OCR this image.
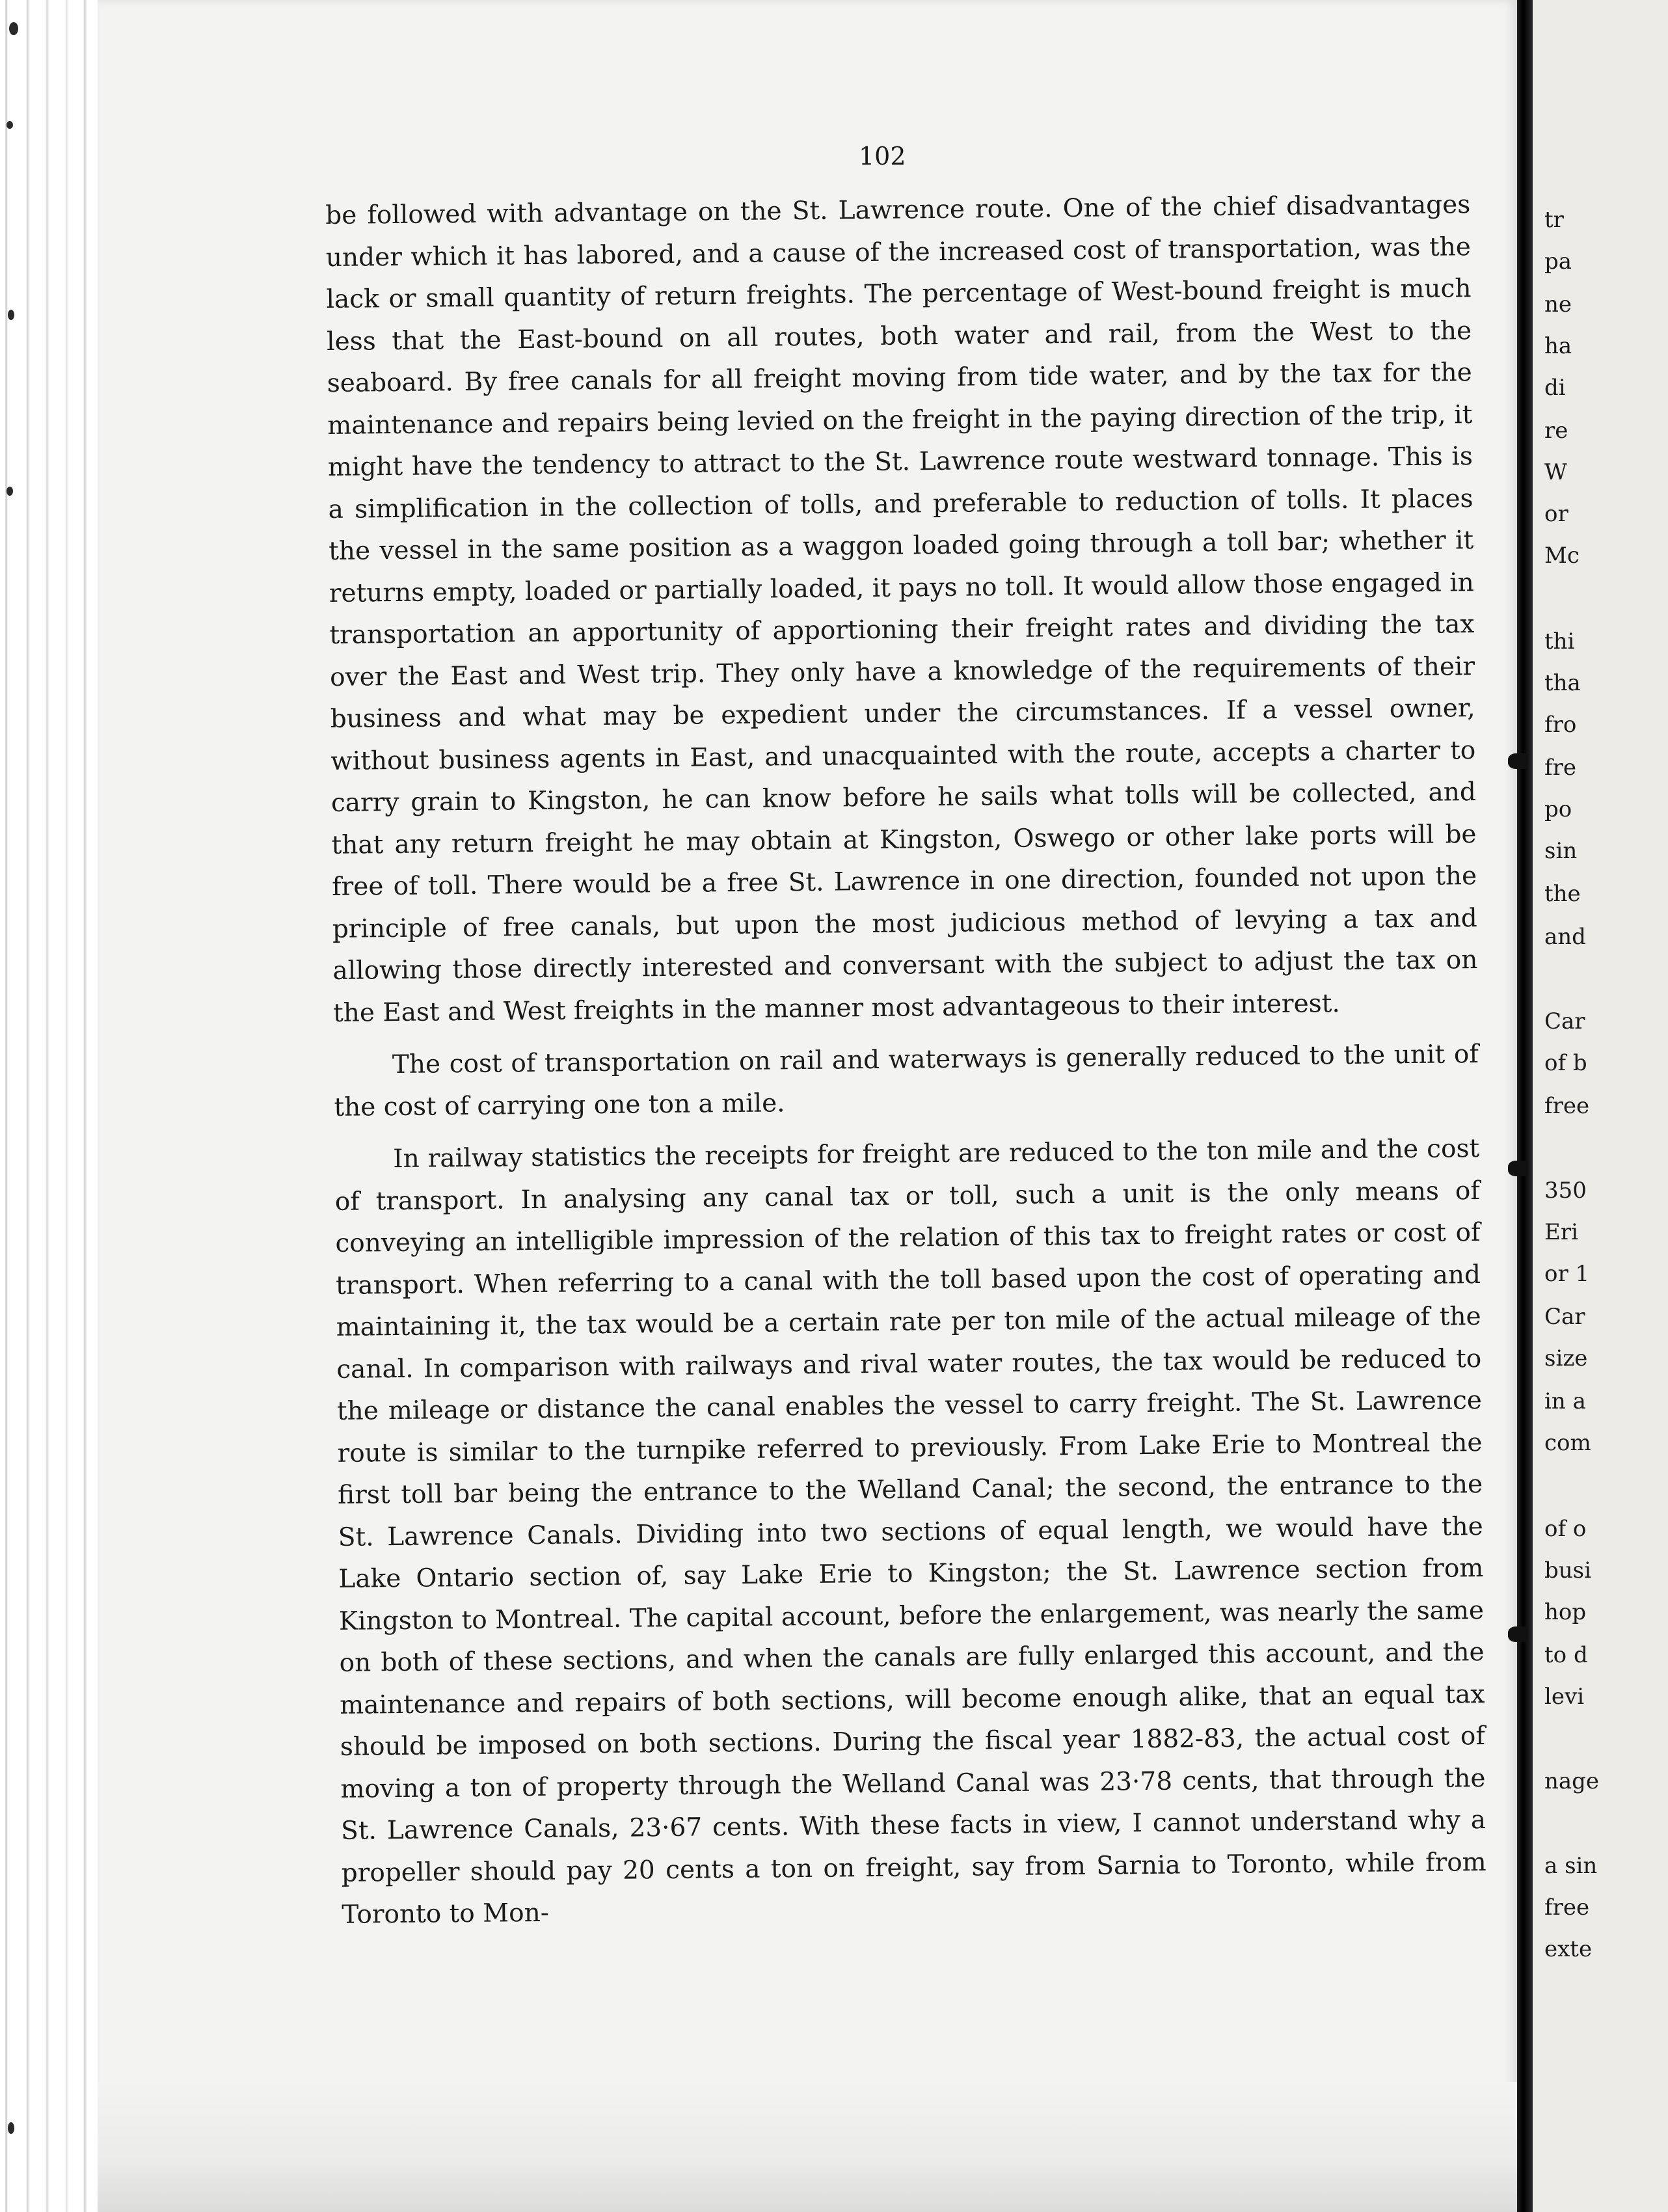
102

be followed with advantage on the St. Lawrence route. One of the chief disadvantages under which it has labored, and a cause of the increased cost of transportation, was the lack or small quantity of return freights. The percentage of West-bound freight is much less that the East-bound on all routes, both water and rail, from the West to the seaboard. By free canals for all freight moving from tide water, and by the tax for the maintenance and repairs being levied on the freight in the paying direction of the trip, it might have the tendency to attract to the St. Lawrence route westward tonnage. This is a simplification in the collection of tolls, and preferable to reduction of tolls. It places the vessel in the same position as a waggon loaded going through a toll bar; whether it returns empty, loaded or partially loaded, it pays no toll. It would allow those engaged in transportation an apportunity of apportioning their freight rates and dividing the tax over the East and West trip. They only have a knowledge of the requirements of their business and what may be expedient under the circumstances. If a vessel owner, without business agents in East, and unacquainted with the route, accepts a charter to carry grain to Kingston, he can know before he sails what tolls will be collected, and that any return freight he may obtain at Kingston, Oswego or other lake ports will be free of toll. There would be a free St. Lawrence in one direction, founded not upon the principle of free canals, but upon the most judicious method of levying a tax and allowing those directly interested and conversant with the subject to adjust the tax on the East and West freights in the manner most advantageous to their interest.

The cost of transportation on rail and waterways is generally reduced to the unit of the cost of carrying one ton a mile.

In railway statistics the receipts for freight are reduced to the ton mile and the cost of transport. In analysing any canal tax or toll, such a unit is the only means of conveying an intelligible impression of the relation of this tax to freight rates or cost of transport. When referring to a canal with the toll based upon the cost of operating and maintaining it, the tax would be a certain rate per ton mile of the actual mileage of the canal. In comparison with railways and rival water routes, the tax would be reduced to the mileage or distance the canal enables the vessel to carry freight. The St. Lawrence route is similar to the turnpike referred to previously. From Lake Erie to Montreal the first toll bar being the entrance to the Welland Canal; the second, the entrance to the St. Lawrence Canals. Dividing into two sections of equal length, we would have the Lake Ontario section of, say Lake Erie to Kingston; the St. Lawrence section from Kingston to Montreal. The capital account, before the enlargement, was nearly the same on both of these sections, and when the canals are fully enlarged this account, and the maintenance and repairs of both sections, will become enough alike, that an equal tax should be imposed on both sections. During the fiscal year 1882-83, the actual cost of moving a ton of property through the Welland Canal was 23·78 cents, that through the St. Lawrence Canals, 23·67 cents. With these facts in view, I cannot understand why a propeller should pay 20 cents a ton on freight, say from Sarnia to Toronto, while from Toronto to Mon-

tr
pa
ne
ha
di
re
W
or
Mc
thi
tha
fro
fre
po
sin
the
and
Car
of b
free
350
Eri
or 1
Car
size
in a
com
of o
busi
hop
to d
levi
nage
a sin
free
exte
